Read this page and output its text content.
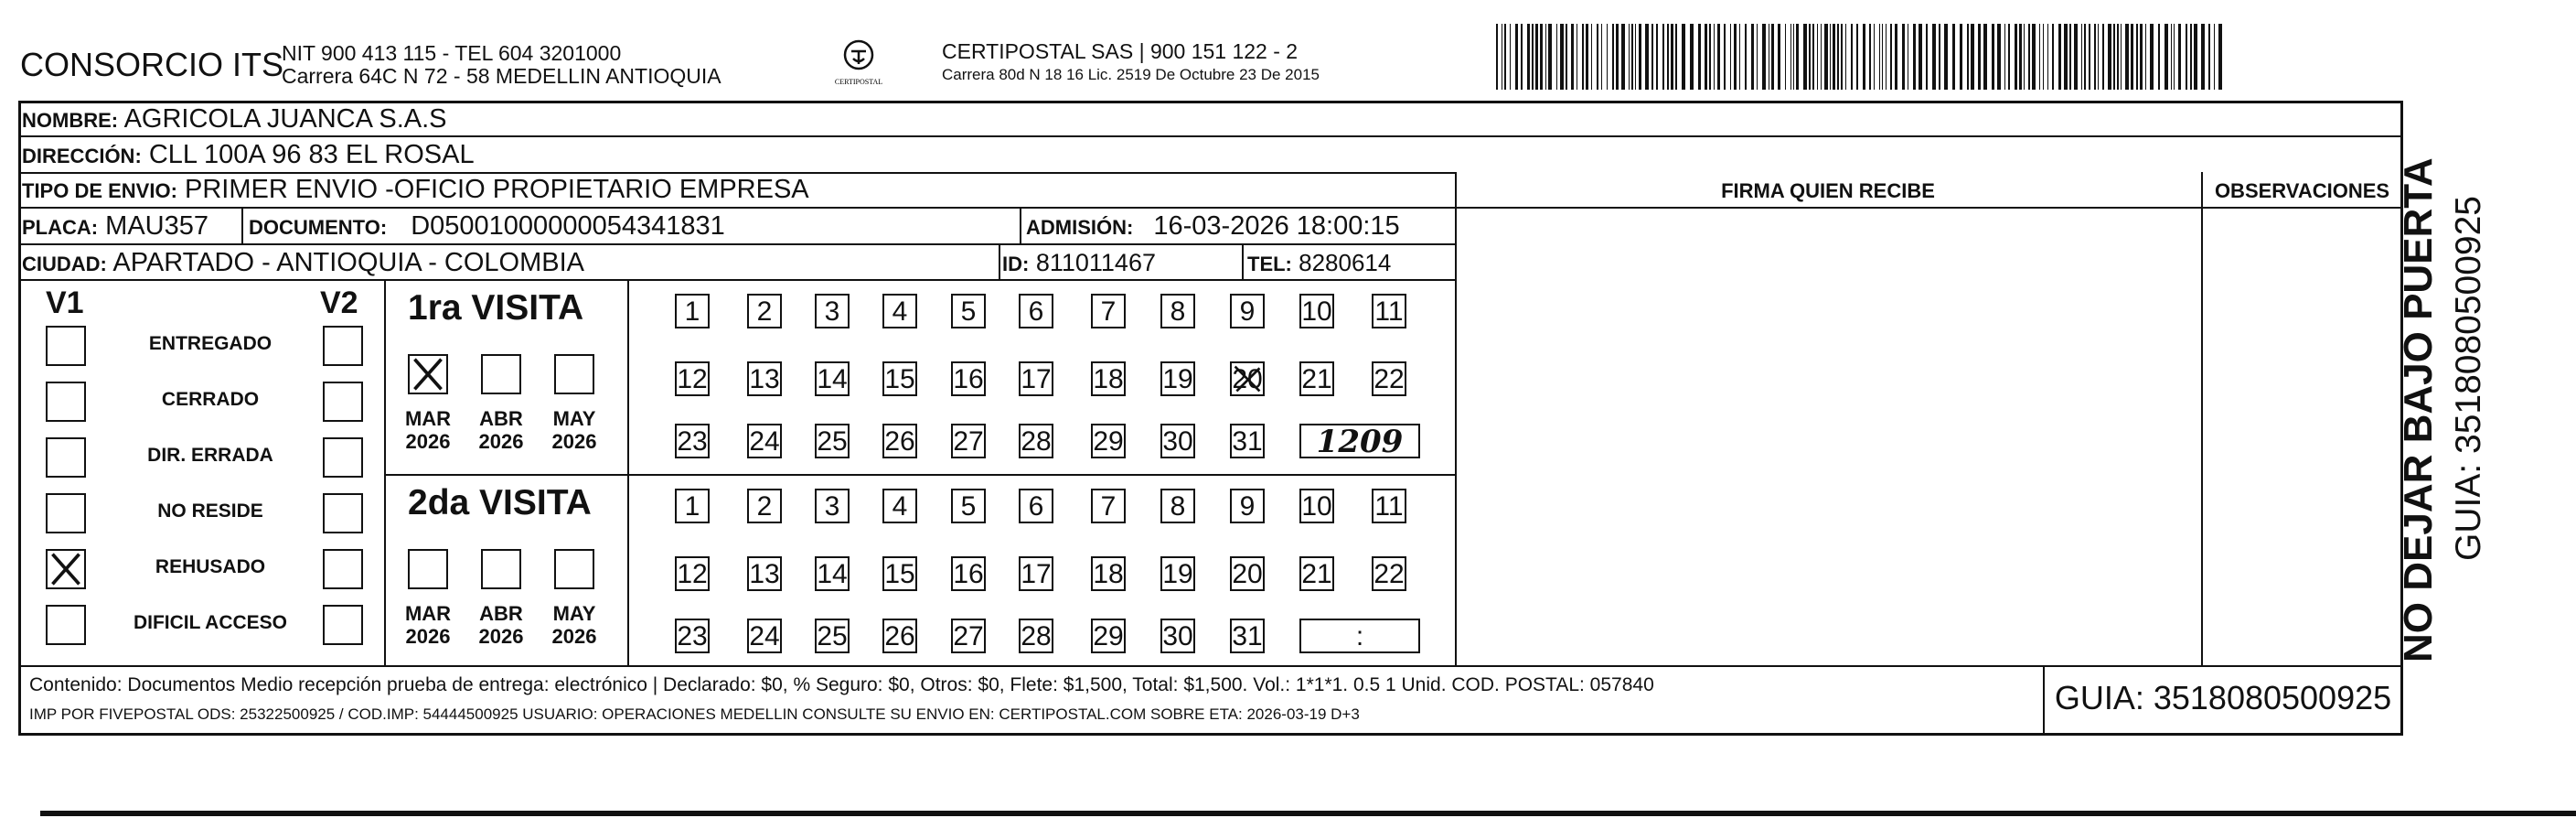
CONSORCIO ITS
NIT 900 413 115 - TEL 604 3201000
Carrera 64C N 72 - 58 MEDELLIN ANTIOQUIA	CERTIPOSTAL
CERTIPOSTAL SAS | 900 151 122 - 2
Carrera 80d N 18 16 Lic. 2519 De Octubre 23 De 2015
NOMBRE: AGRICOLA JUANCA S.A.S
DIRECCIÓN: CLL 100A 96 83 EL ROSAL
TIPO DE ENVIO: PRIMER ENVIO -OFICIO PROPIETARIO EMPRESA
PLACA: MAU357 DOCUMENTO: D05001000000054341831	ADMISIÓN: 16-03-2026 18:00:15
CIUDAD: APARTADO - ANTIOQUIA - COLOMBIA	ID: 811011467	TEL: 8280614
FIRMA QUIEN RECIBE	OBSERVACIONES
V1	V2
ENTREGADO
CERRADO
DIR. ERRADA
NO RESIDE
REHUSADO
DIFICIL ACCESO
1ra VISITA
MAR
2026
ABR
2026
MAY
2026
1	2	3	4	5	6	7	8	9	10 11
12 13 14 15 16 17 18 19 20 21 22
23 24 25 26 27 28 29 30 31	1209
2da VISITA
MAR
2026
ABR
2026
MAY
2026
1	2	3	4	5	6	7	8	9	10 11
12 13 14 15 16 17 18 19 20 21 22
23 24 25 26 27 28 29 30 31	:
Contenido: Documentos Medio recepción prueba de entrega: electrónico | Declarado: $0, % Seguro: $0, Otros: $0, Flete: $1,500, Total: $1,500. Vol.: 1*1*1. 0.5 1 Unid. COD. POSTAL: 057840
IMP POR FIVEPOSTAL ODS: 25322500925 / COD.IMP: 54444500925 USUARIO: OPERACIONES MEDELLIN CONSULTE SU ENVIO EN: CERTIPOSTAL.COM SOBRE ETA: 2026-03-19 D+3	GUIA: 3518080500925
NO DEJAR BAJO PUERTA GUIA: 3518080500925
